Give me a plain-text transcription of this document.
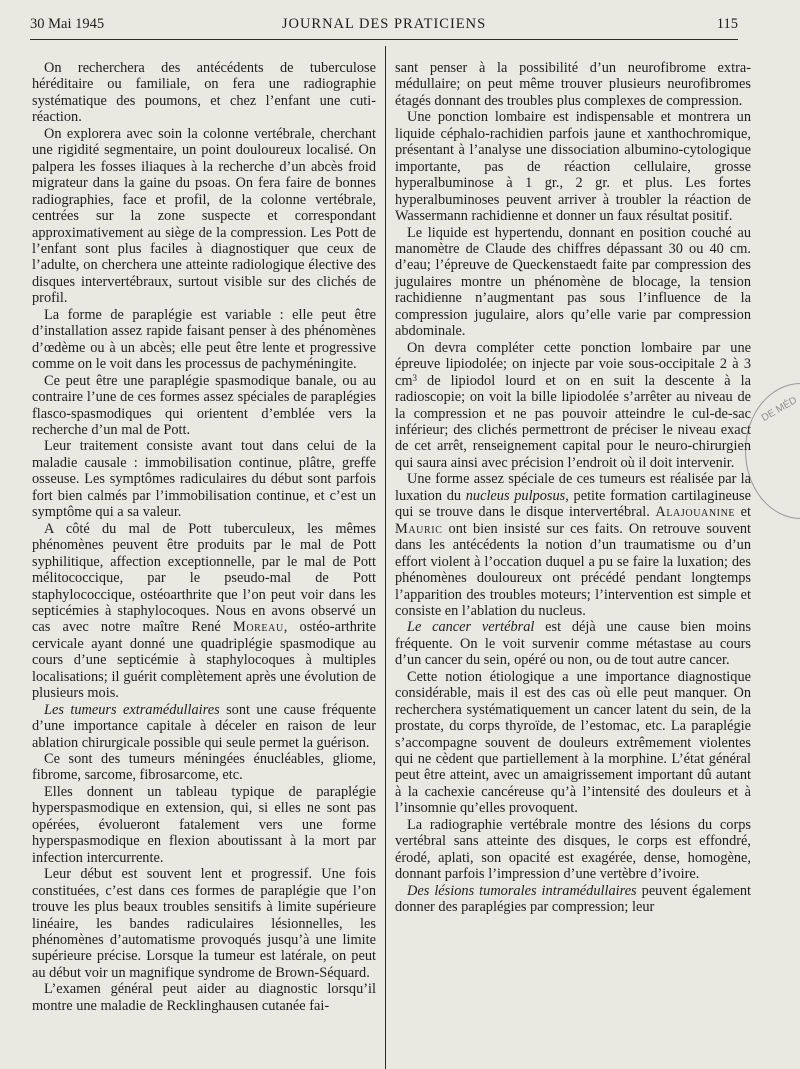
30 Mai 1945	JOURNAL DES PRATICIENS	115

On recherchera des antécédents de tuberculose héréditaire ou familiale, on fera une radiographie systématique des poumons, et chez l’enfant une cuti-réaction.

On explorera avec soin la colonne vertébrale, cherchant une rigidité segmentaire, un point douloureux localisé. On palpera les fosses iliaques à la recherche d’un abcès froid migrateur dans la gaine du psoas. On fera faire de bonnes radiographies, face et profil, de la colonne vertébrale, centrées sur la zone suspecte et correspondant approximativement au siège de la compression. Les Pott de l’enfant sont plus faciles à diagnostiquer que ceux de l’adulte, on cherchera une atteinte radiologique élective des disques intervertébraux, surtout visible sur des clichés de profil.

La forme de paraplégie est variable : elle peut être d’installation assez rapide faisant penser à des phénomènes d’œdème ou à un abcès; elle peut être lente et progressive comme on le voit dans les processus de pachyméningite.

Ce peut être une paraplégie spasmodique banale, ou au contraire l’une de ces formes assez spéciales de paraplégies flasco-spasmodiques qui orientent d’emblée vers la recherche d’un mal de Pott.

Leur traitement consiste avant tout dans celui de la maladie causale : immobilisation continue, plâtre, greffe osseuse. Les symptômes radiculaires du début sont parfois fort bien calmés par l’immobilisation continue, et c’est un symptôme qui a sa valeur.

A côté du mal de Pott tuberculeux, les mêmes phénomènes peuvent être produits par le mal de Pott syphilitique, affection exceptionnelle, par le mal de Pott mélitococcique, par le pseudo-mal de Pott staphylococcique, ostéoarthrite que l’on peut voir dans les septicémies à staphylocoques. Nous en avons observé un cas avec notre maître René Moreau, ostéo-arthrite cervicale ayant donné une quadriplégie spasmodique au cours d’une septicémie à staphylocoques à multiples localisations; il guérit complètement après une évolution de plusieurs mois.

Les tumeurs extramédullaires sont une cause fréquente d’une importance capitale à déceler en raison de leur ablation chirurgicale possible qui seule permet la guérison.

Ce sont des tumeurs méningées énucléables, gliome, fibrome, sarcome, fibrosarcome, etc.

Elles donnent un tableau typique de paraplégie hyperspasmodique en extension, qui, si elles ne sont pas opérées, évolueront fatalement vers une forme hyperspasmodique en flexion aboutissant à la mort par infection intercurrente.

Leur début est souvent lent et progressif. Une fois constituées, c’est dans ces formes de paraplégie que l’on trouve les plus beaux troubles sensitifs à limite supérieure linéaire, les bandes radiculaires lésionnelles, les phénomènes d’automatisme provoqués jusqu’à une limite supérieure précise. Lorsque la tumeur est latérale, on peut au début voir un magnifique syndrome de Brown-Séquard.

L’examen général peut aider au diagnostic lorsqu’il montre une maladie de Recklinghausen cutanée fai-

sant penser à la possibilité d’un neurofibrome extra-médullaire; on peut même trouver plusieurs neurofibromes étagés donnant des troubles plus complexes de compression.

Une ponction lombaire est indispensable et montrera un liquide céphalo-rachidien parfois jaune et xanthochromique, présentant à l’analyse une dissociation albumino-cytologique importante, pas de réaction cellulaire, grosse hyperalbuminose à 1 gr., 2 gr. et plus. Les fortes hyperalbuminoses peuvent arriver à troubler la réaction de Wassermann rachidienne et donner un faux résultat positif.

Le liquide est hypertendu, donnant en position couché au manomètre de Claude des chiffres dépassant 30 ou 40 cm. d’eau; l’épreuve de Queckenstaedt faite par compression des jugulaires montre un phénomène de blocage, la tension rachidienne n’augmentant pas sous l’influence de la compression jugulaire, alors qu’elle varie par compression abdominale.

On devra compléter cette ponction lombaire par une épreuve lipiodolée; on injecte par voie sous-occipitale 2 à 3 $cm^3$ de lipiodol lourd et on en suit la descente à la radioscopie; on voit la bille lipiodolée s’arrêter au niveau de la compression et ne pas pouvoir atteindre le cul-de-sac inférieur; des clichés permettront de préciser le niveau exact de cet arrêt, renseignement capital pour le neuro-chirurgien qui saura ainsi avec précision l’endroit où il doit intervenir.

Une forme assez spéciale de ces tumeurs est réalisée par la luxation du nucleus pulposus, petite formation cartilagineuse qui se trouve dans le disque intervertébral. Alajouanine et Mauric ont bien insisté sur ces faits. On retrouve souvent dans les antécédents la notion d’un traumatisme ou d’un effort violent à l’occation duquel a pu se faire la luxation; des phénomènes douloureux ont précédé pendant longtemps l’apparition des troubles moteurs; l’intervention est simple et consiste en l’ablation du nucleus.

Le cancer vertébral est déjà une cause bien moins fréquente. On le voit survenir comme métastase au cours d’un cancer du sein, opéré ou non, ou de tout autre cancer.

Cette notion étiologique a une importance diagnostique considérable, mais il est des cas où elle peut manquer. On recherchera systématiquement un cancer latent du sein, de la prostate, du corps thyroïde, de l’estomac, etc. La paraplégie s’accompagne souvent de douleurs extrêmement violentes qui ne cèdent que partiellement à la morphine. L’état général peut être atteint, avec un amaigrissement important dû autant à la cachexie cancéreuse qu’à l’intensité des douleurs et à l’insomnie qu’elles provoquent.

La radiographie vertébrale montre des lésions du corps vertébral sans atteinte des disques, le corps est effondré, érodé, aplati, son opacité est exagérée, dense, homogène, donnant parfois l’impression d’une vertèbre d’ivoire.

Des lésions tumorales intramédullaires peuvent également donner des paraplégies par compression; leur

DE MÉD
